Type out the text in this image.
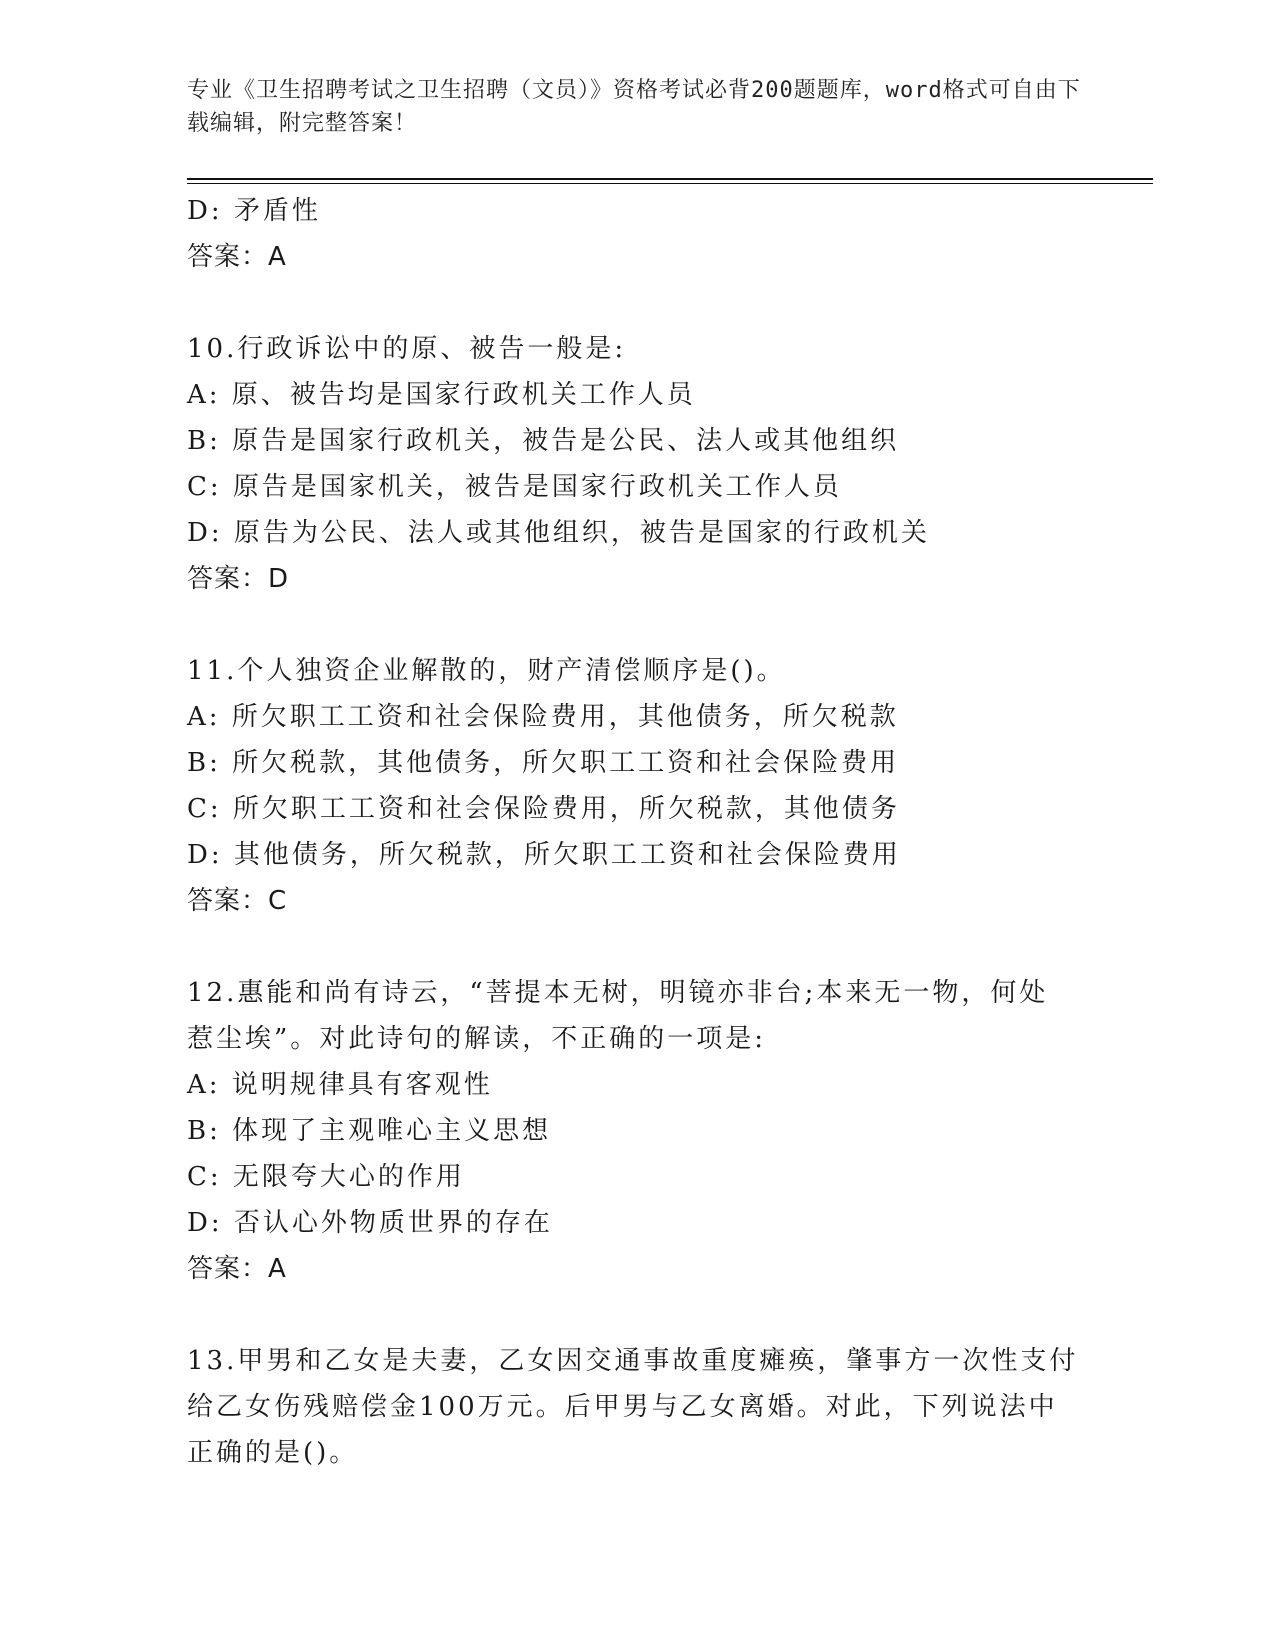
专业《卫生招聘考试之卫生招聘（文员）》资格考试必背200题题库，word格式可自由下载编辑，附完整答案！
D: 矛盾性
答案：A
10.行政诉讼中的原、被告一般是:
A: 原、被告均是国家行政机关工作人员
B: 原告是国家行政机关，被告是公民、法人或其他组织
C: 原告是国家机关，被告是国家行政机关工作人员
D: 原告为公民、法人或其他组织，被告是国家的行政机关
答案：D
11.个人独资企业解散的，财产清偿顺序是()。
A: 所欠职工工资和社会保险费用，其他债务，所欠税款
B: 所欠税款，其他债务，所欠职工工资和社会保险费用
C: 所欠职工工资和社会保险费用，所欠税款，其他债务
D: 其他债务，所欠税款，所欠职工工资和社会保险费用
答案：C
12.惠能和尚有诗云，“菩提本无树，明镜亦非台;本来无一物，何处
惹尘埃”。对此诗句的解读，不正确的一项是:
A: 说明规律具有客观性
B: 体现了主观唯心主义思想
C: 无限夸大心的作用
D: 否认心外物质世界的存在
答案：A
13.甲男和乙女是夫妻，乙女因交通事故重度瘫痪，肇事方一次性支付
给乙女伤残赔偿金100万元。后甲男与乙女离婚。对此，下列说法中
正确的是()。
